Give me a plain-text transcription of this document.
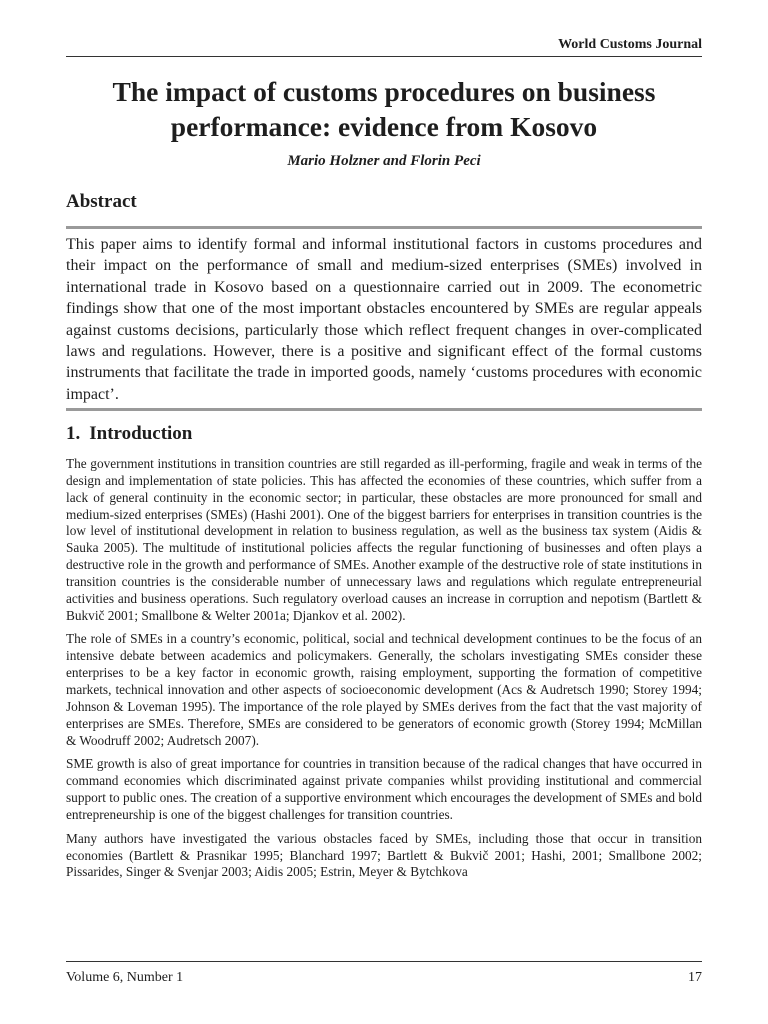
World Customs Journal
The impact of customs procedures on business performance: evidence from Kosovo
Mario Holzner and Florin Peci
Abstract
This paper aims to identify formal and informal institutional factors in customs procedures and their impact on the performance of small and medium-sized enterprises (SMEs) involved in international trade in Kosovo based on a questionnaire carried out in 2009. The econometric findings show that one of the most important obstacles encountered by SMEs are regular appeals against customs decisions, particularly those which reflect frequent changes in over-complicated laws and regulations. However, there is a positive and significant effect of the formal customs instruments that facilitate the trade in imported goods, namely ‘customs procedures with economic impact’.
1. Introduction

The government institutions in transition countries are still regarded as ill-performing, fragile and weak in terms of the design and implementation of state policies. This has affected the economies of these countries, which suffer from a lack of general continuity in the economic sector; in particular, these obstacles are more pronounced for small and medium-sized enterprises (SMEs) (Hashi 2001). One of the biggest barriers for enterprises in transition countries is the low level of institutional development in relation to business regulation, as well as the business tax system (Aidis & Sauka 2005). The multitude of institutional policies affects the regular functioning of businesses and often plays a destructive role in the growth and performance of SMEs. Another example of the destructive role of state institutions in transition countries is the considerable number of unnecessary laws and regulations which regulate entrepreneurial activities and business operations. Such regulatory overload causes an increase in corruption and nepotism (Bartlett & Bukvič 2001; Smallbone & Welter 2001a; Djankov et al. 2002).

The role of SMEs in a country’s economic, political, social and technical development continues to be the focus of an intensive debate between academics and policymakers. Generally, the scholars investigating SMEs consider these enterprises to be a key factor in economic growth, raising employment, supporting the formation of competitive markets, technical innovation and other aspects of socioeconomic development (Acs & Audretsch 1990; Storey 1994; Johnson & Loveman 1995). The importance of the role played by SMEs derives from the fact that the vast majority of enterprises are SMEs. Therefore, SMEs are considered to be generators of economic growth (Storey 1994; McMillan & Woodruff 2002; Audretsch 2007).

SME growth is also of great importance for countries in transition because of the radical changes that have occurred in command economies which discriminated against private companies whilst providing institutional and commercial support to public ones. The creation of a supportive environment which encourages the development of SMEs and bold entrepreneurship is one of the biggest challenges for transition countries.

Many authors have investigated the various obstacles faced by SMEs, including those that occur in transition economies (Bartlett & Prasnikar 1995; Blanchard 1997; Bartlett & Bukvič 2001; Hashi, 2001; Smallbone 2002; Pissarides, Singer & Svenjar 2003; Aidis 2005; Estrin, Meyer & Bytchkova

Volume 6, Number 1	17
